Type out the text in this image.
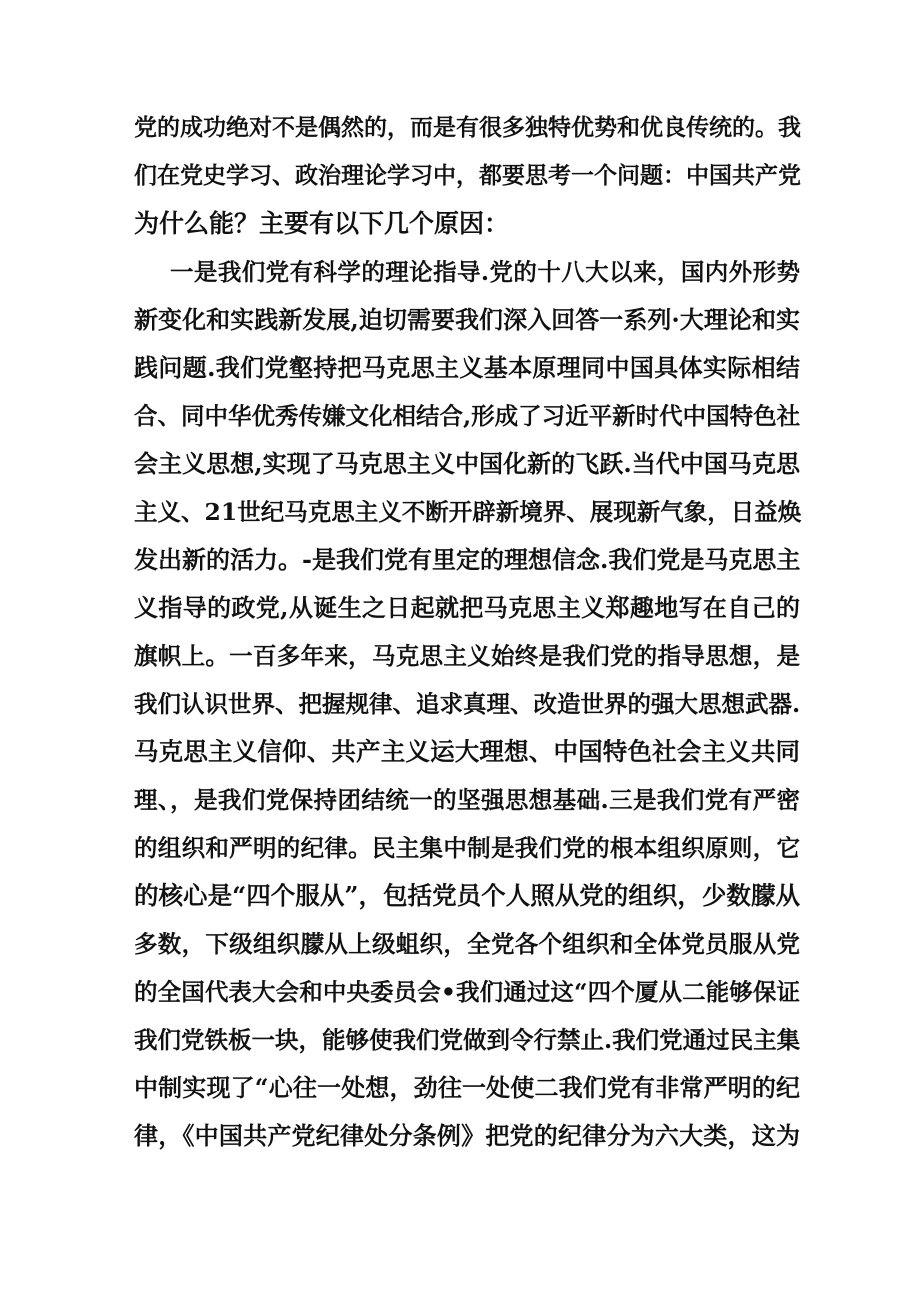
党的成功绝对不是偶然的，而是有很多独特优势和优良传统的。我
们在党史学习、政治理论学习中，都要思考一个问题：中国共产党
为什么能？主要有以下几个原因：
一是我们党有科学的理论指导.党的十八大以来，国内外形势
新变化和实践新发展,迫切需要我们深入回答一系列·大理论和实
践问题.我们党壑持把马克思主义基本原理同中国具体实际相结
合、同中华优秀传嫌文化相结合,形成了习近平新时代中国特色社
会主义思想,实现了马克思主义中国化新的飞跃.当代中国马克思
主义、21世纪马克思主义不断开辟新境界、展现新气象，日益焕
发出新的活力。-是我们党有里定的理想信念.我们党是马克思主
义指导的政党,从诞生之日起就把马克思主义郑趣地写在自己的
旗帜上。一百多年来，马克思主义始终是我们党的指导思想，是
我们认识世界、把握规律、追求真理、改造世界的强大思想武器.
马克思主义信仰、共产主义运大理想、中国特色社会主义共同
理、，是我们党保持团结统一的坚强思想基础.三是我们党有严密
的组织和严明的纪律。民主集中制是我们党的根本组织原则，它
的核心是“四个服从”，包括党员个人照从党的组织，少数朦从
多数，下级组织朦从上级蛆织，全党各个组织和全体党员服从党
的全国代表大会和中央委员会•我们通过这“四个厦从二能够保证
我们党铁板一块，能够使我们党做到令行禁止.我们党通过民主集
中制实现了“心往一处想，劲往一处使二我们党有非常严明的纪
律，《中国共产党纪律处分条例》把党的纪律分为六大类，这为
